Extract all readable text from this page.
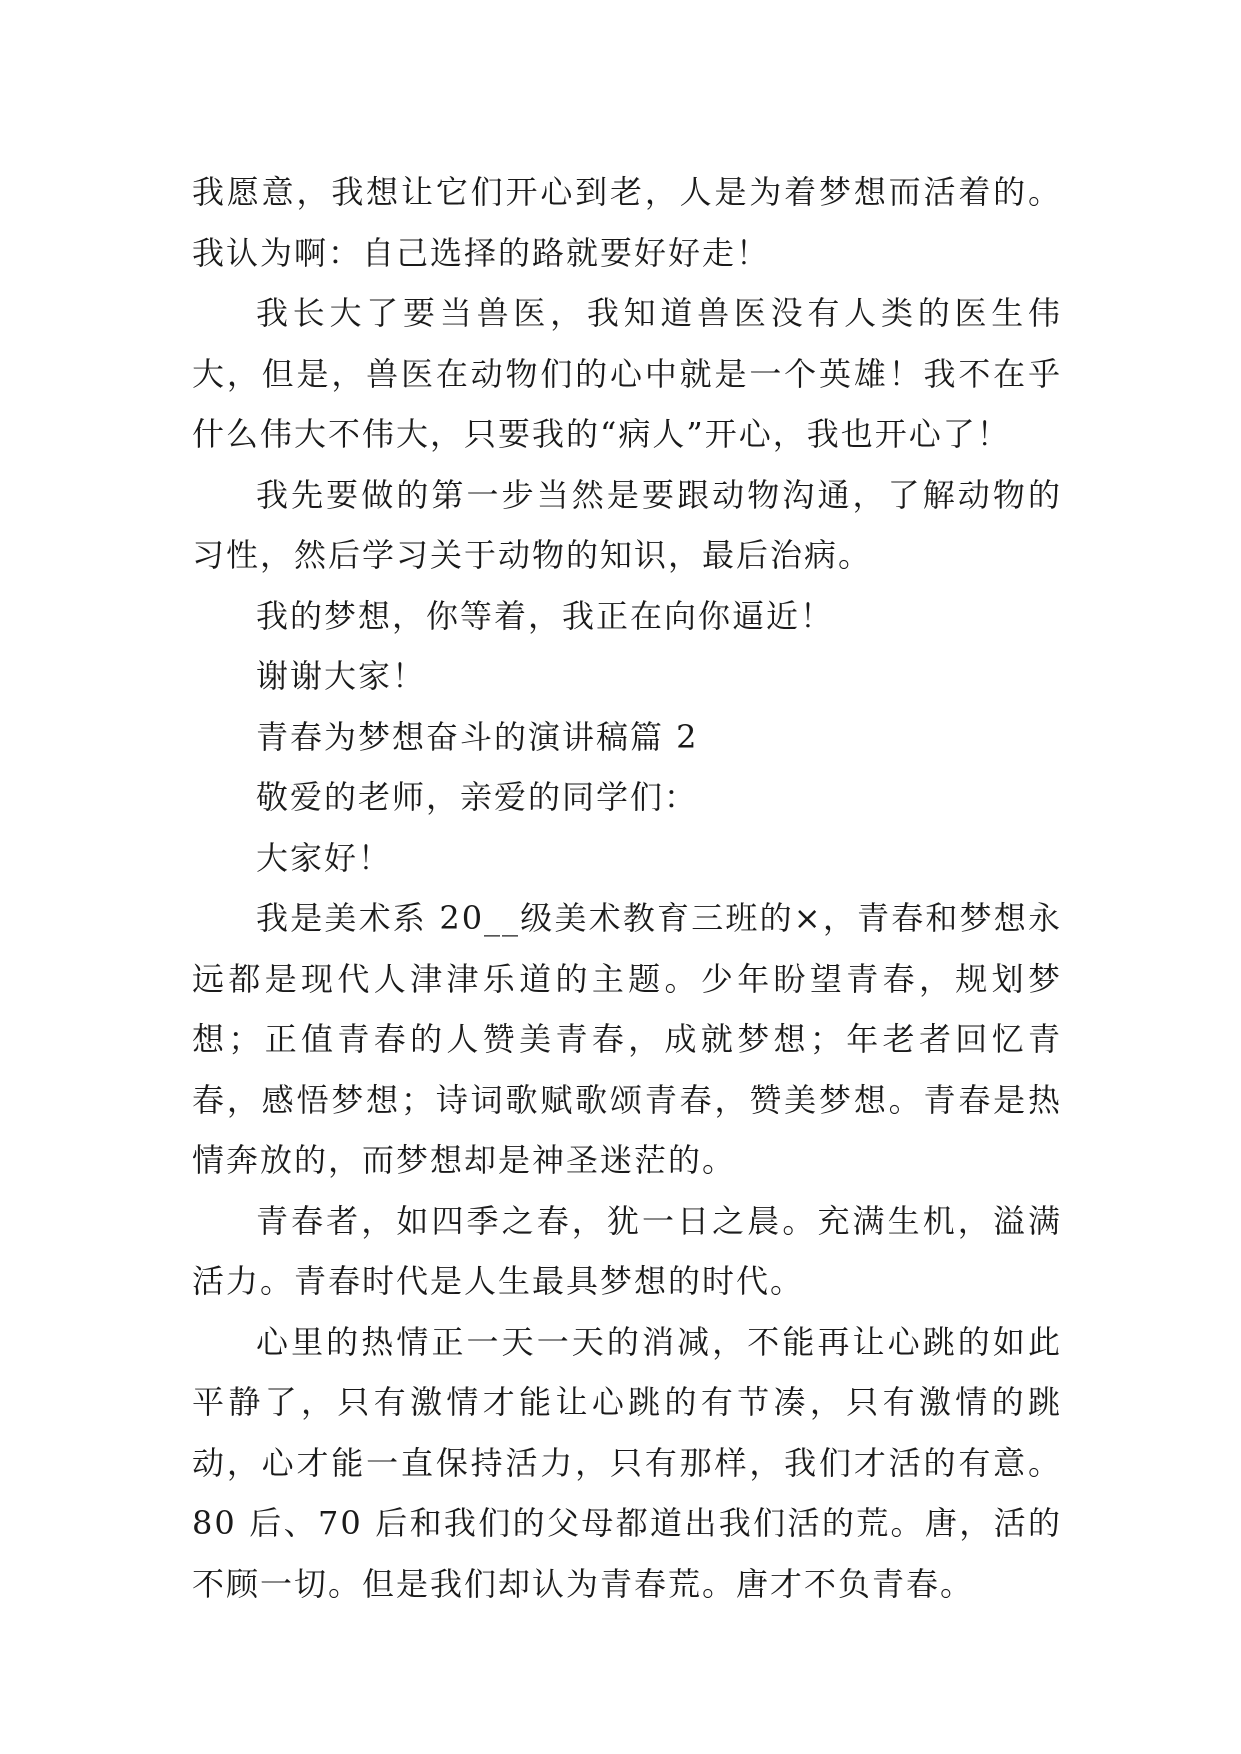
我愿意，我想让它们开心到老，人是为着梦想而活着的。我认为啊：自己选择的路就要好好走！

我长大了要当兽医，我知道兽医没有人类的医生伟大，但是，兽医在动物们的心中就是一个英雄！我不在乎什么伟大不伟大，只要我的“病人”开心，我也开心了！

我先要做的第一步当然是要跟动物沟通，了解动物的习性，然后学习关于动物的知识，最后治病。

我的梦想，你等着，我正在向你逼近！

谢谢大家！

青春为梦想奋斗的演讲稿篇 2

敬爱的老师，亲爱的同学们：

大家好！

我是美术系 20__级美术教育三班的×，青春和梦想永远都是现代人津津乐道的主题。少年盼望青春，规划梦想；正值青春的人赞美青春，成就梦想；年老者回忆青春，感悟梦想；诗词歌赋歌颂青春，赞美梦想。青春是热情奔放的，而梦想却是神圣迷茫的。

青春者，如四季之春，犹一日之晨。充满生机，溢满活力。青春时代是人生最具梦想的时代。

心里的热情正一天一天的消减，不能再让心跳的如此平静了，只有激情才能让心跳的有节凑，只有激情的跳动，心才能一直保持活力，只有那样，我们才活的有意。80 后、70 后和我们的父母都道出我们活的荒。唐，活的不顾一切。但是我们却认为青春荒。唐才不负青春。
